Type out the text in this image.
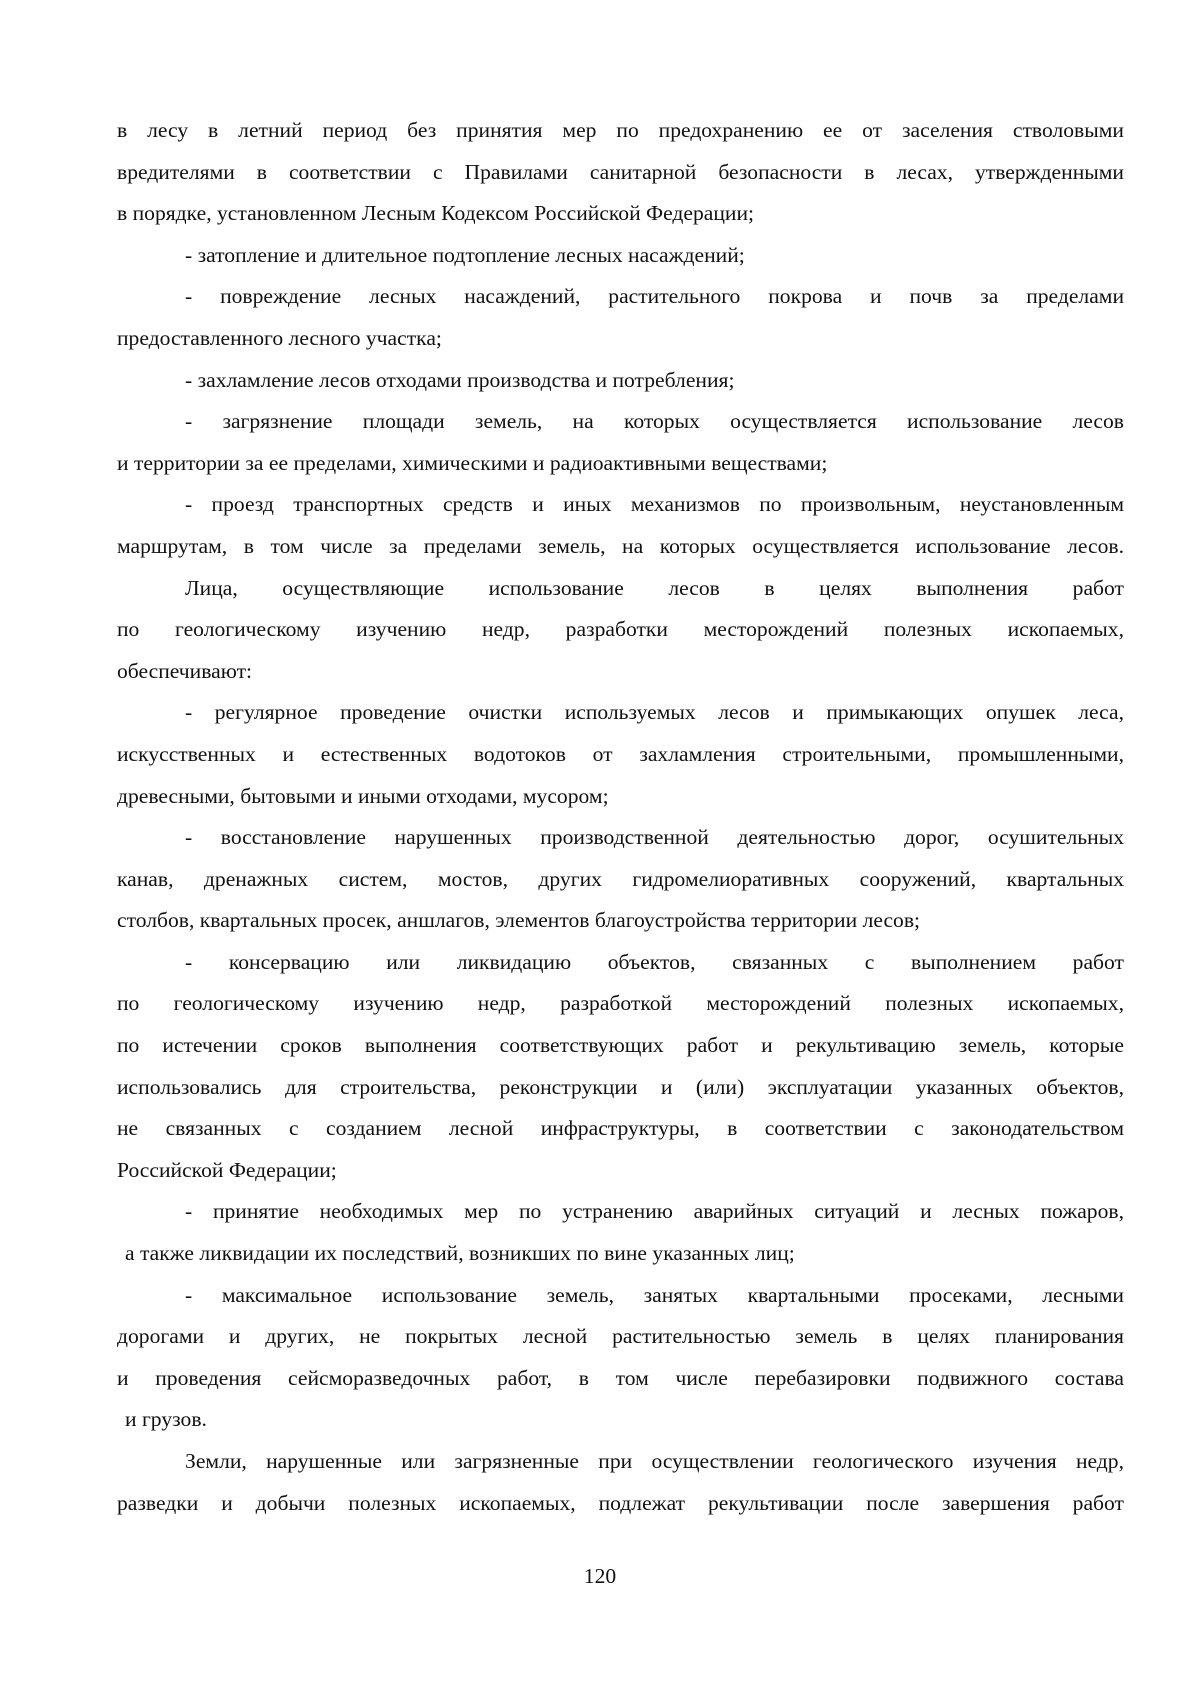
в лесу в летний период без принятия мер по предохранению ее от заселения стволовыми

вредителями в соответствии с Правилами санитарной безопасности в лесах, утвержденными

в порядке, установленном Лесным Кодексом Российской Федерации;

- затопление и длительное подтопление лесных насаждений;

- повреждение лесных насаждений, растительного покрова и почв за пределами

предоставленного лесного участка;

- захламление лесов отходами производства и потребления;

- загрязнение площади земель, на которых осуществляется использование лесов

и территории за ее пределами, химическими и радиоактивными веществами;

- проезд транспортных средств и иных механизмов по произвольным, неустановленным

маршрутам, в том числе за пределами земель, на которых осуществляется использование лесов.

Лица, осуществляющие использование лесов в целях выполнения работ

по геологическому изучению недр, разработки месторождений полезных ископаемых,

обеспечивают:

- регулярное проведение очистки используемых лесов и примыкающих опушек леса,

искусственных и естественных водотоков от захламления строительными, промышленными,

древесными, бытовыми и иными отходами, мусором;

- восстановление нарушенных производственной деятельностью дорог, осушительных

канав, дренажных систем, мостов, других гидромелиоративных сооружений, квартальных

столбов, квартальных просек, аншлагов, элементов благоустройства территории лесов;

- консервацию или ликвидацию объектов, связанных с выполнением работ

по геологическому изучению недр, разработкой месторождений полезных ископаемых,

по истечении сроков выполнения соответствующих работ и рекультивацию земель, которые

использовались для строительства, реконструкции и (или) эксплуатации указанных объектов,

не связанных с созданием лесной инфраструктуры, в соответствии с законодательством

Российской Федерации;

- принятие необходимых мер по устранению аварийных ситуаций и лесных пожаров,

а также ликвидации их последствий, возникших по вине указанных лиц;

- максимальное использование земель, занятых квартальными просеками, лесными

дорогами и других, не покрытых лесной растительностью земель в целях планирования

и проведения сейсморазведочных работ, в том числе перебазировки подвижного состава

и грузов.

Земли, нарушенные или загрязненные при осуществлении геологического изучения недр,

разведки и добычи полезных ископаемых, подлежат рекультивации после завершения работ

120
